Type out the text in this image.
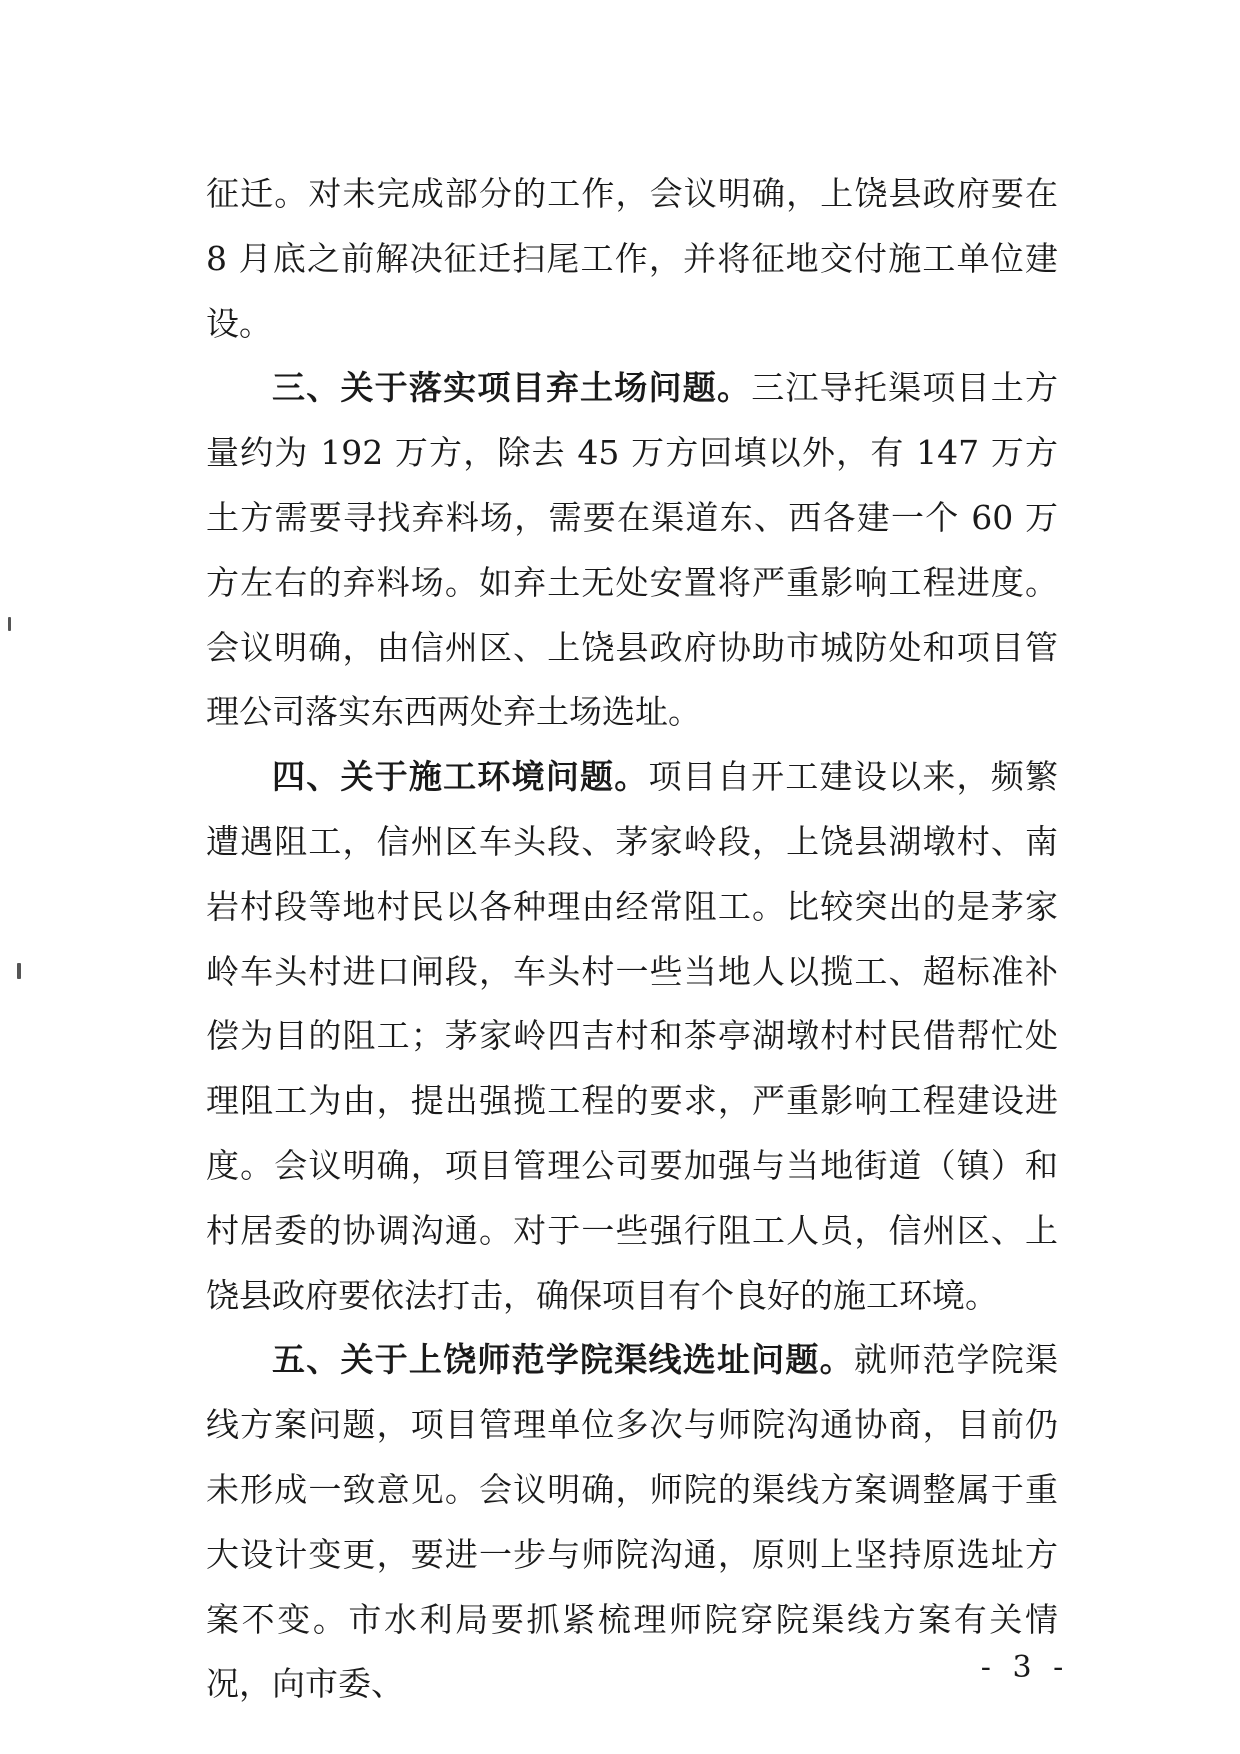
征迁。对未完成部分的工作，会议明确，上饶县政府要在 8 月底之前解决征迁扫尾工作，并将征地交付施工单位建设。

三、关于落实项目弃土场问题。三江导托渠项目土方量约为 192 万方，除去 45 万方回填以外，有 147 万方土方需要寻找弃料场，需要在渠道东、西各建一个 60 万方左右的弃料场。如弃土无处安置将严重影响工程进度。会议明确，由信州区、上饶县政府协助市城防处和项目管理公司落实东西两处弃土场选址。

四、关于施工环境问题。项目自开工建设以来，频繁遭遇阻工，信州区车头段、茅家岭段，上饶县湖墩村、南岩村段等地村民以各种理由经常阻工。比较突出的是茅家岭车头村进口闸段，车头村一些当地人以揽工、超标准补偿为目的阻工；茅家岭四吉村和茶亭湖墩村村民借帮忙处理阻工为由，提出强揽工程的要求，严重影响工程建设进度。会议明确，项目管理公司要加强与当地街道（镇）和村居委的协调沟通。对于一些强行阻工人员，信州区、上饶县政府要依法打击，确保项目有个良好的施工环境。

五、关于上饶师范学院渠线选址问题。就师范学院渠线方案问题，项目管理单位多次与师院沟通协商，目前仍未形成一致意见。会议明确，师院的渠线方案调整属于重大设计变更，要进一步与师院沟通，原则上坚持原选址方案不变。市水利局要抓紧梳理师院穿院渠线方案有关情况，向市委、	- 3 -
